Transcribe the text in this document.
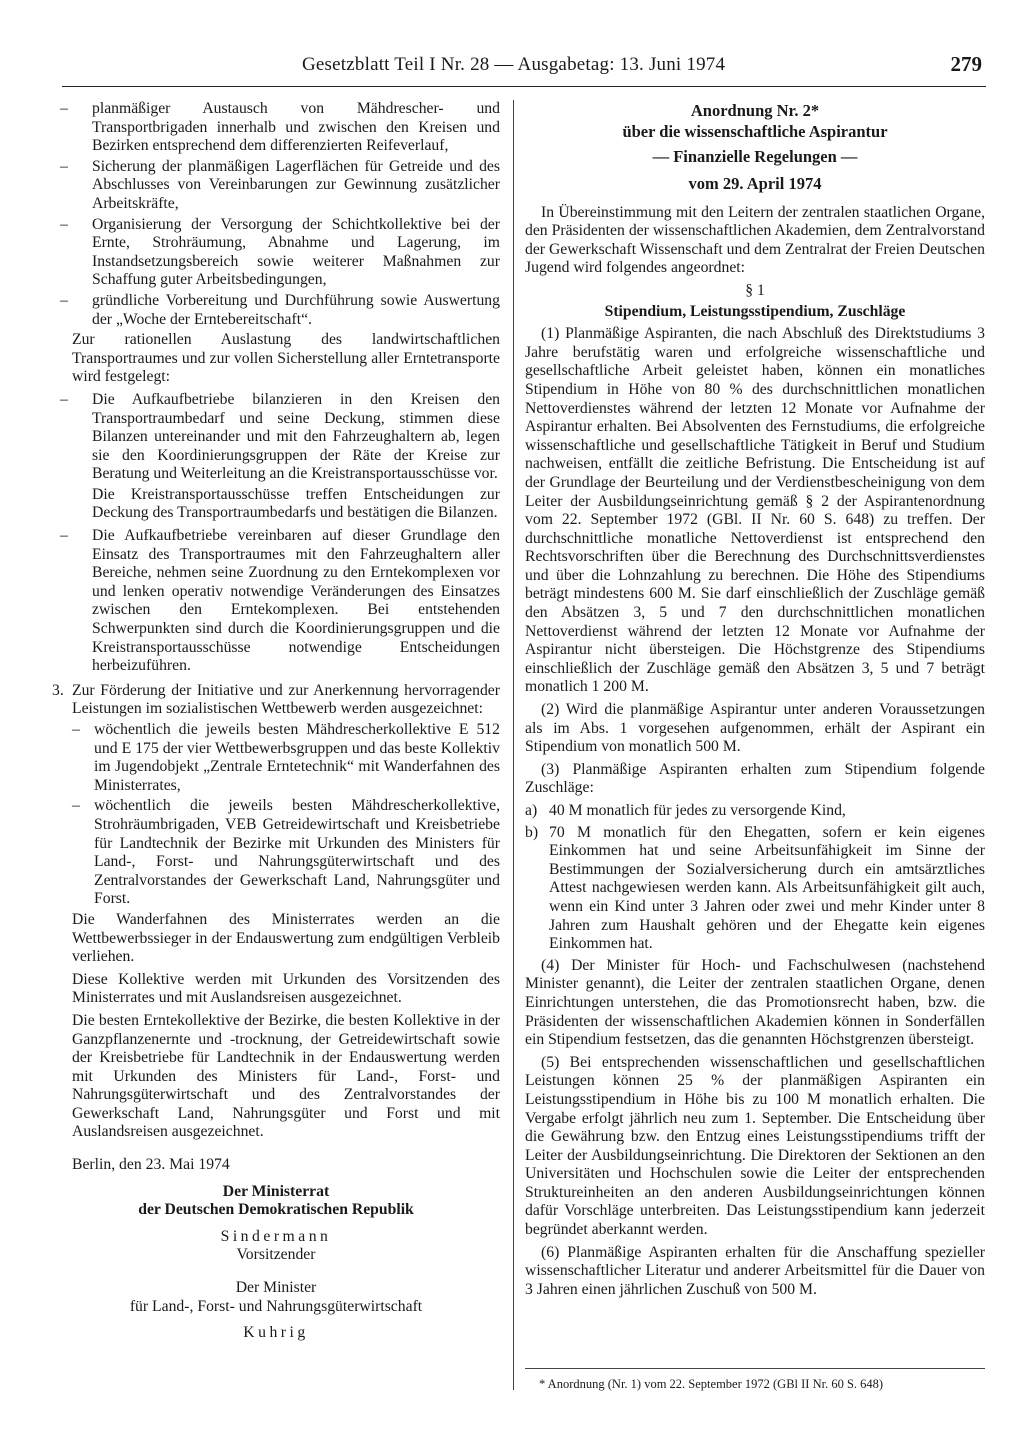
Gesetzblatt Teil I Nr. 28 — Ausgabetag: 13. Juni 1974	279

– planmäßiger Austausch von Mähdrescher- und Transportbrigaden innerhalb und zwischen den Kreisen und Bezirken entsprechend dem differenzierten Reifeverlauf,

– Sicherung der planmäßigen Lagerflächen für Getreide und des Abschlusses von Vereinbarungen zur Gewinnung zusätzlicher Arbeitskräfte,

– Organisierung der Versorgung der Schichtkollektive bei der Ernte, Strohräumung, Abnahme und Lagerung, im Instandsetzungsbereich sowie weiterer Maßnahmen zur Schaffung guter Arbeitsbedingungen,

– gründliche Vorbereitung und Durchführung sowie Auswertung der „Woche der Erntebereitschaft“.

Zur rationellen Auslastung des landwirtschaftlichen Transportraumes und zur vollen Sicherstellung aller Erntetransporte wird festgelegt:

– Die Aufkaufbetriebe bilanzieren in den Kreisen den Transportraumbedarf und seine Deckung, stimmen diese Bilanzen untereinander und mit den Fahrzeughaltern ab, legen sie den Koordinierungsgruppen der Räte der Kreise zur Beratung und Weiterleitung an die Kreistransportausschüsse vor.

Die Kreistransportausschüsse treffen Entscheidungen zur Deckung des Transportraumbedarfs und bestätigen die Bilanzen.

– Die Aufkaufbetriebe vereinbaren auf dieser Grundlage den Einsatz des Transportraumes mit den Fahrzeughaltern aller Bereiche, nehmen seine Zuordnung zu den Erntekomplexen vor und lenken operativ notwendige Veränderungen des Einsatzes zwischen den Erntekomplexen. Bei entstehenden Schwerpunkten sind durch die Koordinierungsgruppen und die Kreistransportausschüsse notwendige Entscheidungen herbeizuführen.

3. Zur Förderung der Initiative und zur Anerkennung hervorragender Leistungen im sozialistischen Wettbewerb werden ausgezeichnet:

– wöchentlich die jeweils besten Mähdrescherkollektive E 512 und E 175 der vier Wettbewerbsgruppen und das beste Kollektiv im Jugendobjekt „Zentrale Erntetechnik“ mit Wanderfahnen des Ministerrates,

– wöchentlich die jeweils besten Mähdrescherkollektive, Strohräumbrigaden, VEB Getreidewirtschaft und Kreisbetriebe für Landtechnik der Bezirke mit Urkunden des Ministers für Land-, Forst- und Nahrungsgüterwirtschaft und des Zentralvorstandes der Gewerkschaft Land, Nahrungsgüter und Forst.

Die Wanderfahnen des Ministerrates werden an die Wettbewerbssieger in der Endauswertung zum endgültigen Verbleib verliehen.

Diese Kollektive werden mit Urkunden des Vorsitzenden des Ministerrates und mit Auslandsreisen ausgezeichnet.

Die besten Erntekollektive der Bezirke, die besten Kollektive in der Ganzpflanzenernte und -trocknung, der Getreidewirtschaft sowie der Kreisbetriebe für Landtechnik in der Endauswertung werden mit Urkunden des Ministers für Land-, Forst- und Nahrungsgüterwirtschaft und des Zentralvorstandes der Gewerkschaft Land, Nahrungsgüter und Forst und mit Auslandsreisen ausgezeichnet.

Berlin, den 23. Mai 1974

Der Ministerrat

der Deutschen Demokratischen Republik

Sindermann

Vorsitzender

Der Minister

für Land-, Forst- und Nahrungsgüterwirtschaft

Kuhrig

Anordnung Nr. 2*
über die wissenschaftliche Aspirantur
— Finanzielle Regelungen —
vom 29. April 1974

In Übereinstimmung mit den Leitern der zentralen staatlichen Organe, den Präsidenten der wissenschaftlichen Akademien, dem Zentralvorstand der Gewerkschaft Wissenschaft und dem Zentralrat der Freien Deutschen Jugend wird folgendes angeordnet:

§ 1

Stipendium, Leistungsstipendium, Zuschläge

(1) Planmäßige Aspiranten, die nach Abschluß des Direktstudiums 3 Jahre berufstätig waren und erfolgreiche wissenschaftliche und gesellschaftliche Arbeit geleistet haben, können ein monatliches Stipendium in Höhe von 80 % des durchschnittlichen monatlichen Nettoverdienstes während der letzten 12 Monate vor Aufnahme der Aspirantur erhalten. Bei Absolventen des Fernstudiums, die erfolgreiche wissenschaftliche und gesellschaftliche Tätigkeit in Beruf und Studium nachweisen, entfällt die zeitliche Befristung. Die Entscheidung ist auf der Grundlage der Beurteilung und der Verdienstbescheinigung von dem Leiter der Ausbildungseinrichtung gemäß § 2 der Aspirantenordnung vom 22. September 1972 (GBl. II Nr. 60 S. 648) zu treffen. Der durchschnittliche monatliche Nettoverdienst ist entsprechend den Rechtsvorschriften über die Berechnung des Durchschnittsverdienstes und über die Lohnzahlung zu berechnen. Die Höhe des Stipendiums beträgt mindestens 600 M. Sie darf einschließlich der Zuschläge gemäß den Absätzen 3, 5 und 7 den durchschnittlichen monatlichen Nettoverdienst während der letzten 12 Monate vor Aufnahme der Aspirantur nicht übersteigen. Die Höchstgrenze des Stipendiums einschließlich der Zuschläge gemäß den Absätzen 3, 5 und 7 beträgt monatlich 1 200 M.

(2) Wird die planmäßige Aspirantur unter anderen Voraussetzungen als im Abs. 1 vorgesehen aufgenommen, erhält der Aspirant ein Stipendium von monatlich 500 M.

(3) Planmäßige Aspiranten erhalten zum Stipendium folgende Zuschläge:

a) 40 M monatlich für jedes zu versorgende Kind,
b) 70 M monatlich für den Ehegatten, sofern er kein eigenes Einkommen hat und seine Arbeitsunfähigkeit im Sinne der Bestimmungen der Sozialversicherung durch ein amtsärztliches Attest nachgewiesen werden kann. Als Arbeitsunfähigkeit gilt auch, wenn ein Kind unter 3 Jahren oder zwei und mehr Kinder unter 8 Jahren zum Haushalt gehören und der Ehegatte kein eigenes Einkommen hat.

(4) Der Minister für Hoch- und Fachschulwesen (nachstehend Minister genannt), die Leiter der zentralen staatlichen Organe, denen Einrichtungen unterstehen, die das Promotionsrecht haben, bzw. die Präsidenten der wissenschaftlichen Akademien können in Sonderfällen ein Stipendium festsetzen, das die genannten Höchstgrenzen übersteigt.

(5) Bei entsprechenden wissenschaftlichen und gesellschaftlichen Leistungen können 25 % der planmäßigen Aspiranten ein Leistungsstipendium in Höhe bis zu 100 M monatlich erhalten. Die Vergabe erfolgt jährlich neu zum 1. September. Die Entscheidung über die Gewährung bzw. den Entzug eines Leistungsstipendiums trifft der Leiter der Ausbildungseinrichtung. Die Direktoren der Sektionen an den Universitäten und Hochschulen sowie die Leiter der entsprechenden Struktureinheiten an den anderen Ausbildungseinrichtungen können dafür Vorschläge unterbreiten. Das Leistungsstipendium kann jederzeit begründet aberkannt werden.

(6) Planmäßige Aspiranten erhalten für die Anschaffung spezieller wissenschaftlicher Literatur und anderer Arbeitsmittel für die Dauer von 3 Jahren einen jährlichen Zuschuß von 500 M.

* Anordnung (Nr. 1) vom 22. September 1972 (GBl II Nr. 60 S. 648)
